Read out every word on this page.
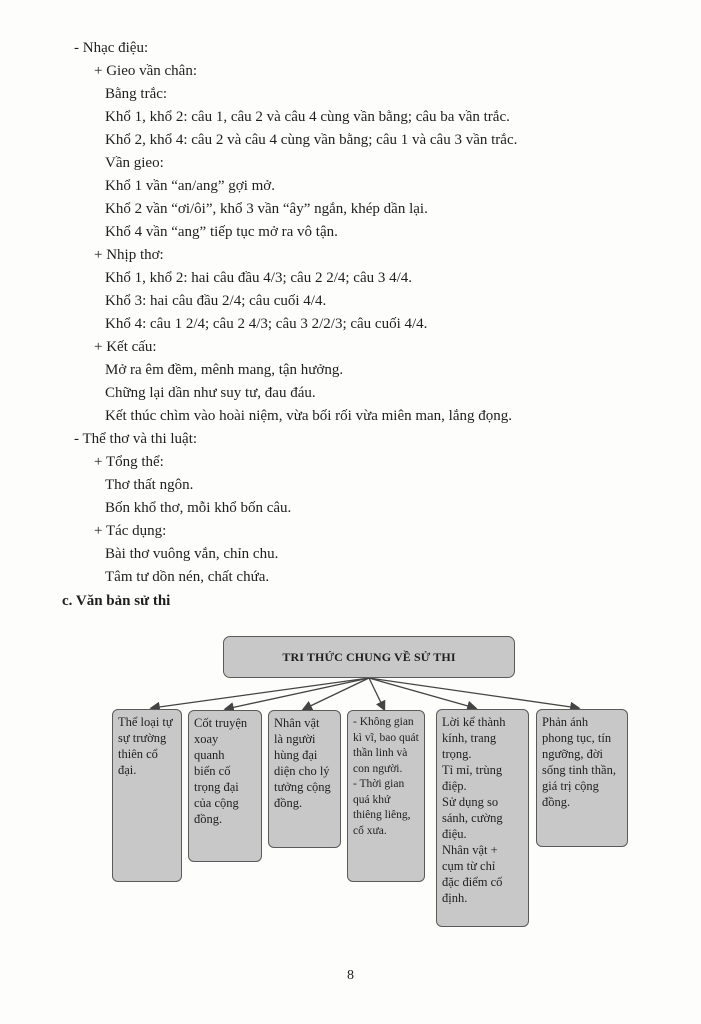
- Nhạc điệu:
+ Gieo vần chân:
Bằng trắc:
Khổ 1, khổ 2: câu 1, câu 2 và câu 4 cùng vần bằng; câu ba vần trắc.
Khổ 2, khổ 4: câu 2 và câu 4 cùng vần bằng; câu 1 và câu 3 vần trắc.
Vần gieo:
Khổ 1 vần “an/ang” gợi mở.
Khổ 2 vần “ơi/ôi”, khổ 3 vần “ây” ngắn, khép dần lại.
Khổ 4 vần “ang” tiếp tục mở ra vô tận.
+ Nhịp thơ:
Khổ 1, khổ 2: hai câu đầu 4/3; câu 2 2/4; câu 3 4/4.
Khổ 3: hai câu đầu 2/4; câu cuối 4/4.
Khổ 4: câu 1 2/4; câu 2 4/3; câu 3 2/2/3; câu cuối 4/4.
+ Kết cấu:
Mở ra êm đềm, mênh mang, tận hưởng.
Chững lại dần như suy tư, đau đáu.
Kết thúc chìm vào hoài niệm, vừa bối rối vừa miên man, lắng đọng.
- Thể thơ và thi luật:
+ Tổng thể:
Thơ thất ngôn.
Bốn khổ thơ, mỗi khổ bốn câu.
+ Tác dụng:
Bài thơ vuông vắn, chỉn chu.
Tâm tư dồn nén, chất chứa.
c. Văn bản sử thi
TRI THỨC CHUNG VỀ SỬ THI
Thể loại tự
sự trường
thiên cổ
đại.
Cốt truyện
xoay
quanh
biến cố
trọng đại
của cộng
đồng.
Nhân vật
là người
hùng đại
diện cho lý
tưởng cộng
đồng.
- Không gian
kì vĩ, bao quát
thần linh và
con người.
- Thời gian
quá khứ
thiêng liêng,
cổ xưa.
Lời kể thành
kính, trang
trọng.
Tỉ mỉ, trùng
điệp.
Sử dụng so
sánh, cường
điệu.
Nhân vật +
cụm từ chỉ
đặc điểm cố
định.
Phản ánh
phong tục, tín
ngưỡng, đời
sống tinh thần,
giá trị cộng
đồng.
8
